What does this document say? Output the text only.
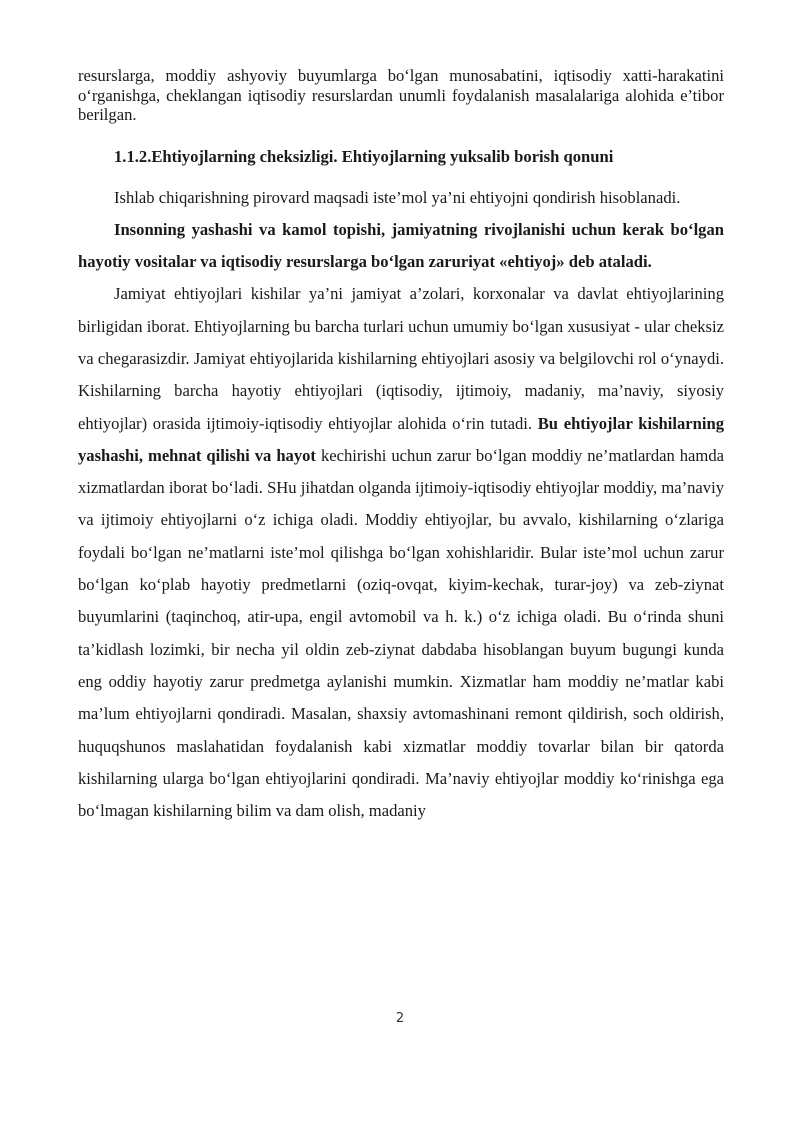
resurslarga, moddiy ashyoviy buyumlarga bo‘lgan munosabatini, iqtisodiy xatti-harakatini o‘rganishga, cheklangan iqtisodiy resurslardan unumli foydalanish masalalariga alohida e’tibor berilgan.

1.1.2.Ehtiyojlarning cheksizligi. Ehtiyojlarning yuksalib borish qonuni

Ishlab chiqarishning pirovard maqsadi iste’mol ya’ni ehtiyojni qondirish hisoblanadi.

Insonning yashashi va kamol topishi, jamiyatning rivojlanishi uchun kerak bo‘lgan hayotiy vositalar va iqtisodiy resurslarga bo‘lgan zaruriyat «ehtiyoj» deb ataladi.

Jamiyat ehtiyojlari kishilar ya’ni jamiyat a’zolari, korxonalar va davlat ehtiyojlarining birligidan iborat. Ehtiyojlarning bu barcha turlari uchun umumiy bo‘lgan xususiyat - ular cheksiz va chegarasizdir. Jamiyat ehtiyojlarida kishilarning ehtiyojlari asosiy va belgilovchi rol o‘ynaydi. Kishilarning barcha hayotiy ehtiyojlari (iqtisodiy, ijtimoiy, madaniy, ma’naviy, siyosiy ehtiyojlar) orasida ijtimoiy-iqtisodiy ehtiyojlar alohida o‘rin tutadi. Bu ehtiyojlar kishilarning yashashi, mehnat qilishi va hayot kechirishi uchun zarur bo‘lgan moddiy ne’matlardan hamda xizmatlardan iborat bo‘ladi. SHu jihatdan olganda ijtimoiy-iqtisodiy ehtiyojlar moddiy, ma’naviy va ijtimoiy ehtiyojlarni o‘z ichiga oladi. Moddiy ehtiyojlar, bu avvalo, kishilarning o‘zlariga foydali bo‘lgan ne’matlarni iste’mol qilishga bo‘lgan xohishlaridir. Bular iste’mol uchun zarur bo‘lgan ko‘plab hayotiy predmetlarni (oziq-ovqat, kiyim-kechak, turar-joy) va zeb-ziynat buyumlarini (taqinchoq, atir-upa, engil avtomobil va h. k.) o‘z ichiga oladi. Bu o‘rinda shuni ta’kidlash lozimki, bir necha yil oldin zeb-ziynat dabdaba hisoblangan buyum bugungi kunda eng oddiy hayotiy zarur predmetga aylanishi mumkin. Xizmatlar ham moddiy ne’matlar kabi ma’lum ehtiyojlarni qondiradi. Masalan, shaxsiy avtomashinani remont qildirish, soch oldirish, huquqshunos maslahatidan foydalanish kabi xizmatlar moddiy tovarlar bilan bir qatorda kishilarning ularga bo‘lgan ehtiyojlarini qondiradi. Ma’naviy ehtiyojlar moddiy ko‘rinishga ega bo‘lmagan kishilarning bilim va dam olish, madaniy

2
